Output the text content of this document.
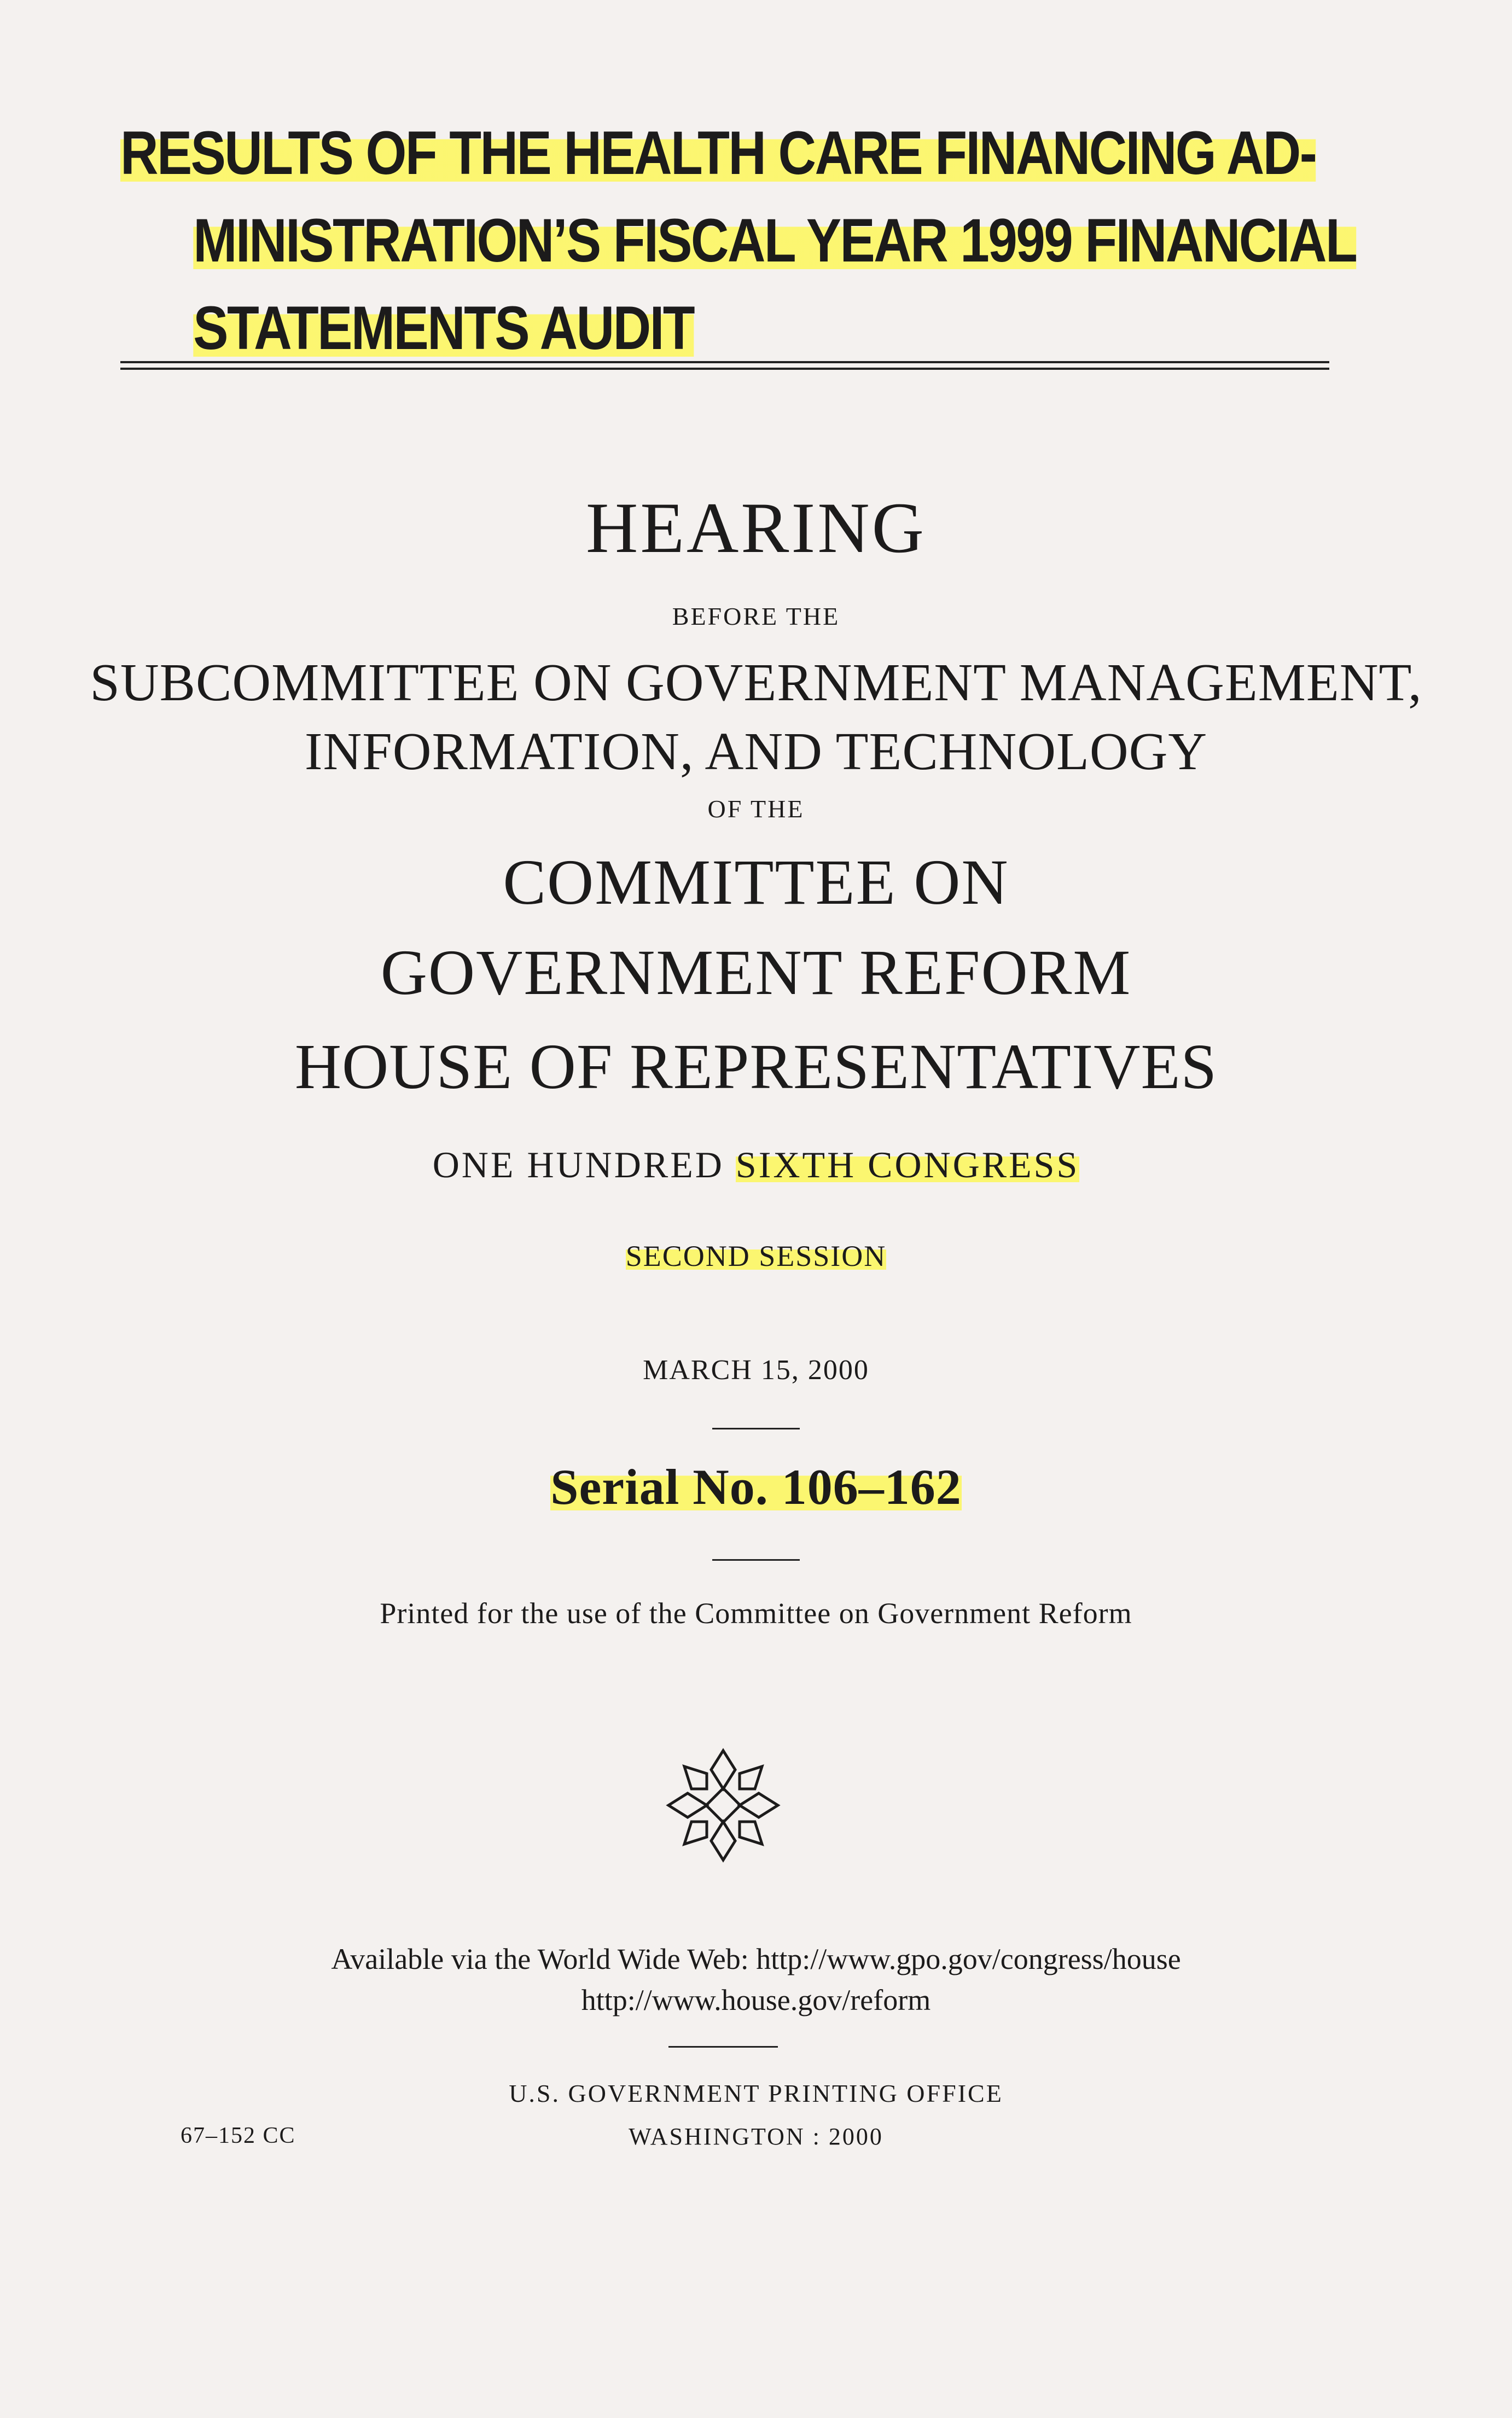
RESULTS OF THE HEALTH CARE FINANCING AD-
MINISTRATION’S FISCAL YEAR 1999 FINANCIAL
STATEMENTS AUDIT
HEARING
BEFORE THE
SUBCOMMITTEE ON GOVERNMENT MANAGEMENT,
INFORMATION, AND TECHNOLOGY
OF THE
COMMITTEE ON
GOVERNMENT REFORM
HOUSE OF REPRESENTATIVES
ONE HUNDRED SIXTH CONGRESS
SECOND SESSION
MARCH 15, 2000
Serial No. 106–162
Printed for the use of the Committee on Government Reform
Available via the World Wide Web: http://www.gpo.gov/congress/house
http://www.house.gov/reform
U.S. GOVERNMENT PRINTING OFFICE
WASHINGTON : 2000
67–152 CC
